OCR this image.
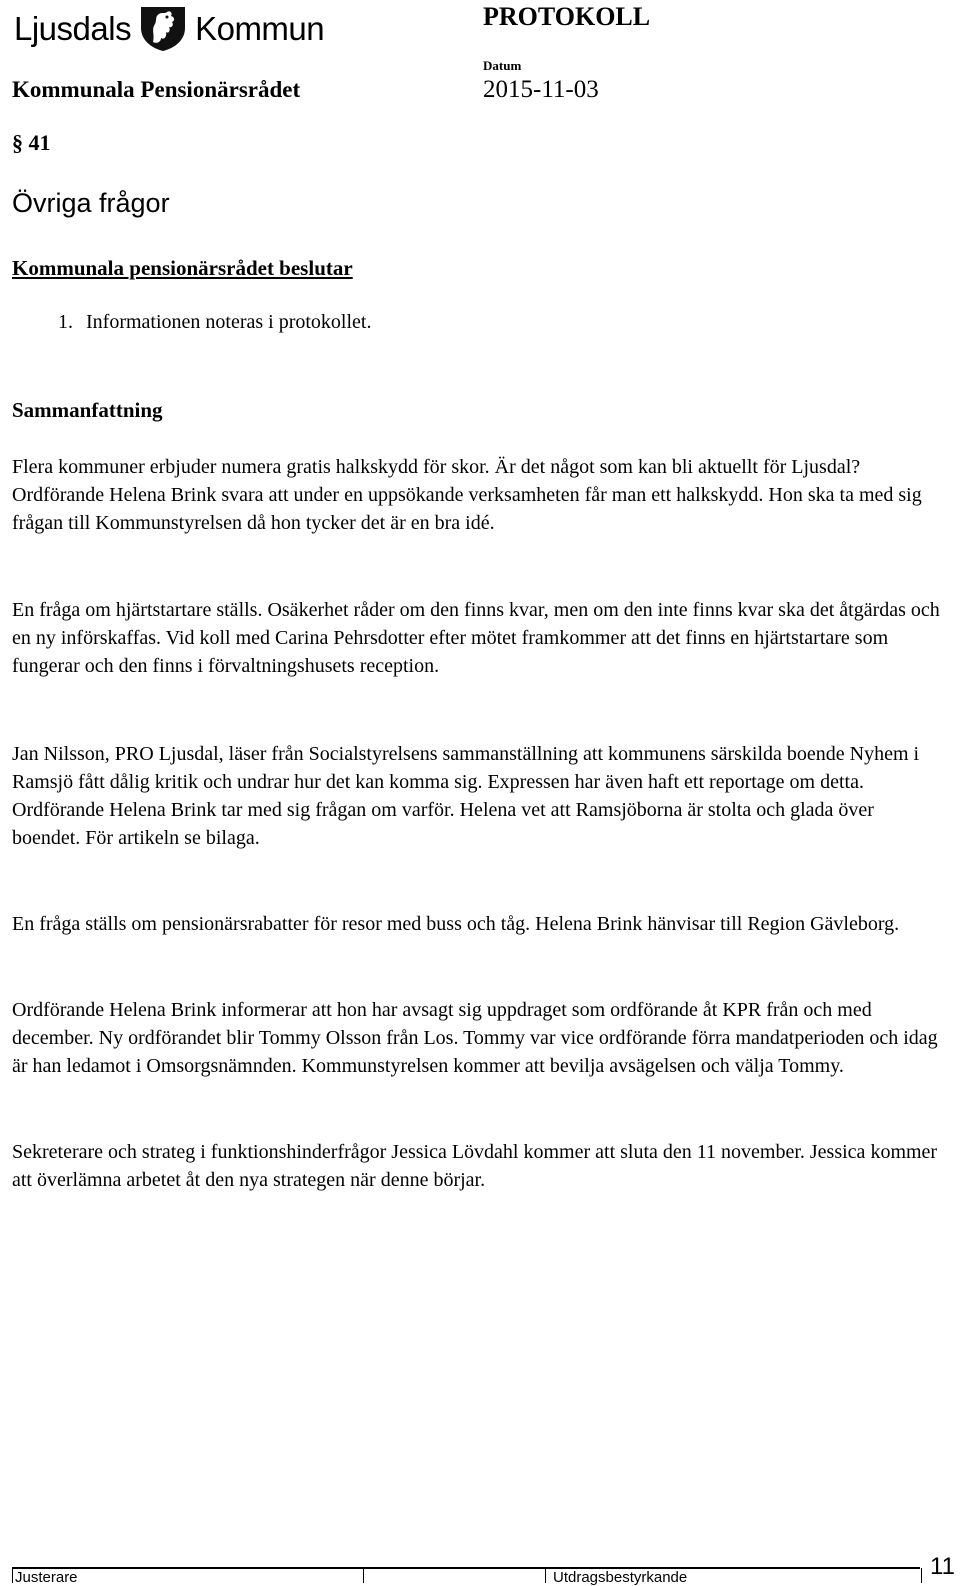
Ljusdals Kommun	PROTOKOLL
Kommunala Pensionärsrådet
Datum
2015-11-03
§ 41
Övriga frågor
Kommunala pensionärsrådet beslutar
1. Informationen noteras i protokollet.
Sammanfattning

Flera kommuner erbjuder numera gratis halkskydd för skor. Är det något som kan bli aktuellt för Ljusdal? Ordförande Helena Brink svara att under en uppsökande verksamheten får man ett halkskydd. Hon ska ta med sig frågan till Kommunstyrelsen då hon tycker det är en bra idé.

En fråga om hjärtstartare ställs. Osäkerhet råder om den finns kvar, men om den inte finns kvar ska det åtgärdas och en ny införskaffas. Vid koll med Carina Pehrsdotter efter mötet framkommer att det finns en hjärtstartare som fungerar och den finns i förvaltningshusets reception.

Jan Nilsson, PRO Ljusdal, läser från Socialstyrelsens sammanställning att kommunens särskilda boende Nyhem i Ramsjö fått dålig kritik och undrar hur det kan komma sig. Expressen har även haft ett reportage om detta. Ordförande Helena Brink tar med sig frågan om varför. Helena vet att Ramsjöborna är stolta och glada över boendet. För artikeln se bilaga.

En fråga ställs om pensionärsrabatter för resor med buss och tåg. Helena Brink hänvisar till Region Gävleborg.

Ordförande Helena Brink informerar att hon har avsagt sig uppdraget som ordförande åt KPR från och med december. Ny ordförandet blir Tommy Olsson från Los. Tommy var vice ordförande förra mandatperioden och idag är han ledamot i Omsorgsnämnden. Kommunstyrelsen kommer att bevilja avsägelsen och välja Tommy.

Sekreterare och strateg i funktionshinderfrågor Jessica Lövdahl kommer att sluta den 11 november. Jessica kommer att överlämna arbetet åt den nya strategen när denne börjar.

Justerare	Utdragsbestyrkande	11
